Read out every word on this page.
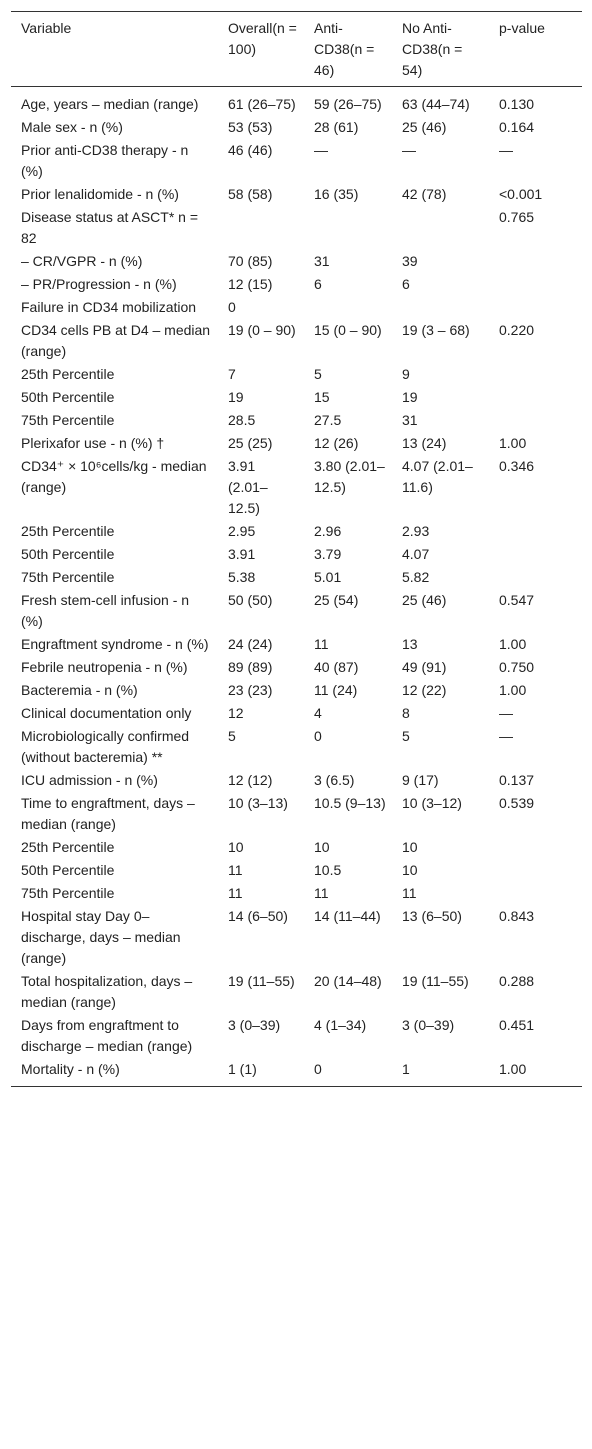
Variable	Overall(n = 100)	Anti-CD38(n = 46)	No Anti-CD38(n = 54)	p-value
Age, years – median (range)	61 (26–75)	59 (26–75)	63 (44–74)	0.130
Male sex - n (%)	53 (53)	28 (61)	25 (46)	0.164
Prior anti-CD38 therapy - n (%)	46 (46)	—	—	—
Prior lenalidomide - n (%)	58 (58)	16 (35)	42 (78)	<0.001
Disease status at ASCT* n = 82				0.765
– CR/VGPR - n (%)	70 (85)	31	39	
– PR/Progression - n (%)	12 (15)	6	6	
Failure in CD34 mobilization	0			
CD34 cells PB at D4 – median (range)	19 (0 – 90)	15 (0 – 90)	19 (3 – 68)	0.220
25th Percentile	7	5	9	
50th Percentile	19	15	19	
75th Percentile	28.5	27.5	31	
Plerixafor use - n (%) †	25 (25)	12 (26)	13 (24)	1.00
CD34⁺ × 10⁶cells/kg - median (range)	3.91 (2.01–12.5)	3.80 (2.01–12.5)	4.07 (2.01–11.6)	0.346
25th Percentile	2.95	2.96	2.93	
50th Percentile	3.91	3.79	4.07	
75th Percentile	5.38	5.01	5.82	
Fresh stem-cell infusion - n (%)	50 (50)	25 (54)	25 (46)	0.547
Engraftment syndrome - n (%)	24 (24)	11	13	1.00
Febrile neutropenia - n (%)	89 (89)	40 (87)	49 (91)	0.750
Bacteremia - n (%)	23 (23)	11 (24)	12 (22)	1.00
Clinical documentation only	12	4	8	—
Microbiologically confirmed (without bacteremia) **	5	0	5	—
ICU admission - n (%)	12 (12)	3 (6.5)	9 (17)	0.137
Time to engraftment, days – median (range)	10 (3–13)	10.5 (9–13)	10 (3–12)	0.539
25th Percentile	10	10	10	
50th Percentile	11	10.5	10	
75th Percentile	11	11	11	
Hospital stay Day 0–discharge, days – median (range)	14 (6–50)	14 (11–44)	13 (6–50)	0.843
Total hospitalization, days – median (range)	19 (11–55)	20 (14–48)	19 (11–55)	0.288
Days from engraftment to discharge – median (range)	3 (0–39)	4 (1–34)	3 (0–39)	0.451
Mortality - n (%)	1 (1)	0	1	1.00
